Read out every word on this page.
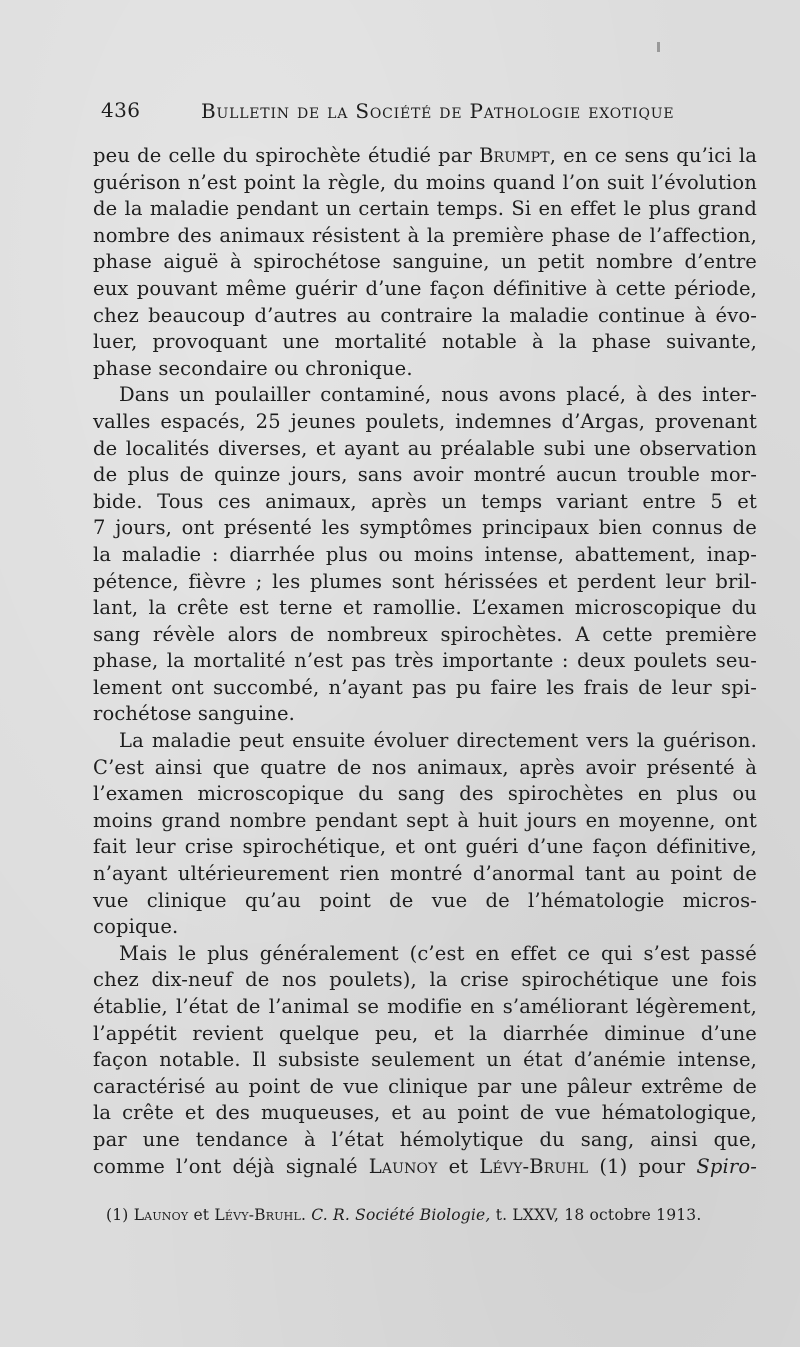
436	Bulletin de la Société de Pathologie exotique
peu de celle du spirochète étudié par Brumpt, en ce sens qu’ici la
guérison n’est point la règle, du moins quand l’on suit l’évolution
de la maladie pendant un certain temps. Si en effet le plus grand
nombre des animaux résistent à la première phase de l’affection,
phase aiguë à spirochétose sanguine, un petit nombre d’entre
eux pouvant même guérir d’une façon définitive à cette période,
chez beaucoup d’autres au contraire la maladie continue à évo-
luer, provoquant une mortalité notable à la phase suivante,
phase secondaire ou chronique.
Dans un poulailler contaminé, nous avons placé, à des inter-
valles espacés, 25 jeunes poulets, indemnes d’Argas, provenant
de localités diverses, et ayant au préalable subi une observation
de plus de quinze jours, sans avoir montré aucun trouble mor-
bide. Tous ces animaux, après un temps variant entre 5 et
7 jours, ont présenté les symptômes principaux bien connus de
la maladie : diarrhée plus ou moins intense, abattement, inap-
pétence, fièvre ; les plumes sont hérissées et perdent leur bril-
lant, la crête est terne et ramollie. L’examen microscopique du
sang révèle alors de nombreux spirochètes. A cette première
phase, la mortalité n’est pas très importante : deux poulets seu-
lement ont succombé, n’ayant pas pu faire les frais de leur spi-
rochétose sanguine.
La maladie peut ensuite évoluer directement vers la guérison.
C’est ainsi que quatre de nos animaux, après avoir présenté à
l’examen microscopique du sang des spirochètes en plus ou
moins grand nombre pendant sept à huit jours en moyenne, ont
fait leur crise spirochétique, et ont guéri d’une façon définitive,
n’ayant ultérieurement rien montré d’anormal tant au point de
vue clinique qu’au point de vue de l’hématologie micros-
copique.
Mais le plus généralement (c’est en effet ce qui s’est passé
chez dix-neuf de nos poulets), la crise spirochétique une fois
établie, l’état de l’animal se modifie en s’améliorant légèrement,
l’appétit revient quelque peu, et la diarrhée diminue d’une
façon notable. Il subsiste seulement un état d’anémie intense,
caractérisé au point de vue clinique par une pâleur extrême de
la crête et des muqueuses, et au point de vue hématologique,
par une tendance à l’état hémolytique du sang, ainsi que,
comme l’ont déjà signalé Launoy et Lévy-Bruhl (1) pour Spiro-
(1) Launoy et Lévy-Bruhl. C. R. Société Biologie, t. LXXV, 18 octobre 1913.
